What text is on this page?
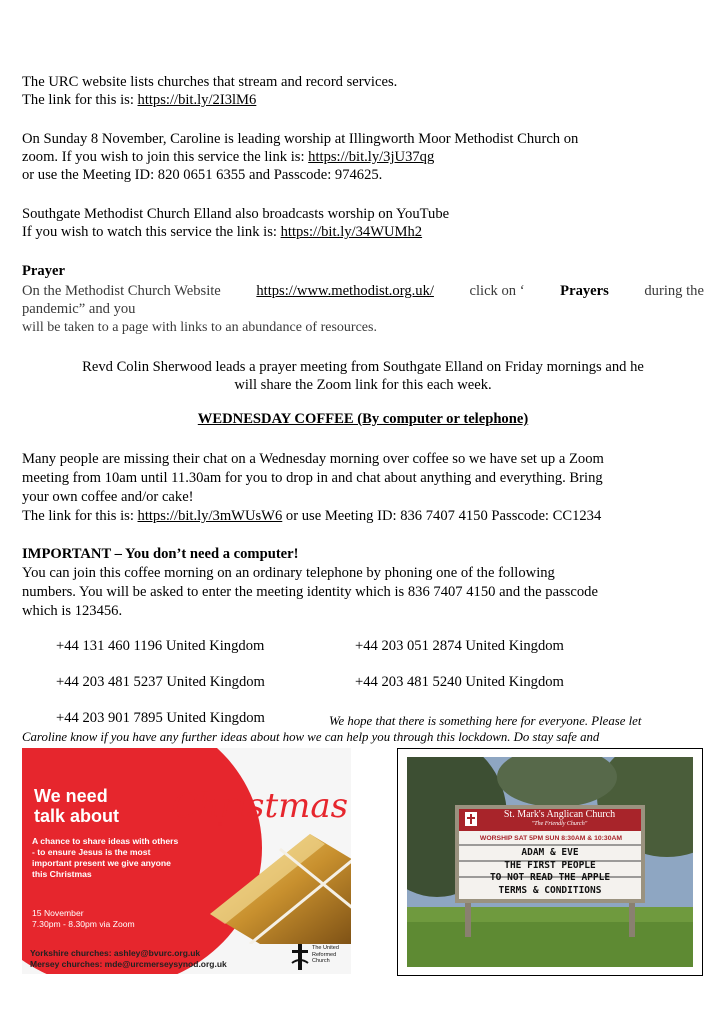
The URC website lists churches that stream and record services.
The link for this is: https://bit.ly/2I3lM6
On Sunday 8 November, Caroline is leading worship at Illingworth Moor Methodist Church on
zoom. If you wish to join this service the link is: https://bit.ly/3jU37qg
or use the Meeting ID: 820 0651 6355 and Passcode: 974625.
Southgate Methodist Church Elland also broadcasts worship on YouTube
If you wish to watch this service the link is: https://bit.ly/34WUMh2
Prayer
On the Methodist Church Website https://www.methodist.org.uk/ click on ‘ Prayers during the
pandemic” and you
will be taken to a page with links to an abundance of resources.
Revd Colin Sherwood leads a prayer meeting from Southgate Elland on Friday mornings and he
will share the Zoom link for this each week.
WEDNESDAY COFFEE (By computer or telephone)
Many people are missing their chat on a Wednesday morning over coffee so we have set up a Zoom
meeting from 10am until 11.30am for you to drop in and chat about anything and everything. Bring
your own coffee and/or cake!
The link for this is: https://bit.ly/3mWUsW6 or use Meeting ID: 836 7407 4150 Passcode: CC1234
IMPORTANT – You don’t need a computer!
You can join this coffee morning on an ordinary telephone by phoning one of the following
numbers. You will be asked to enter the meeting identity which is 836 7407 4150 and the passcode
which is 123456.
+44 131 460 1196 United Kingdom	+44 203 051 2874 United Kingdom
+44 203 481 5237 United Kingdom	+44 203 481 5240 United Kingdom
+44 203 901 7895 United Kingdom	We hope that there is something here for everyone. Please let
Caroline know if you have any further ideas about how we can help you through this lockdown. Do stay safe and
Christmas
We need
talk about
A chance to share ideas with others - to ensure Jesus is the most important present we give anyone this Christmas
15 November
7.30pm - 8.30pm via Zoom
Yorkshire churches: ashley@bvurc.org.uk
Mersey churches: mde@urcmerseysynod.org.uk
The United Reformed Church
St. Mark's Anglican Church
"The Friendly Church"
WORSHIP SAT 5PM SUN 8:30AM & 10:30AM
ADAM & EVE
THE FIRST PEOPLE
TO NOT READ THE APPLE
TERMS & CONDITIONS
